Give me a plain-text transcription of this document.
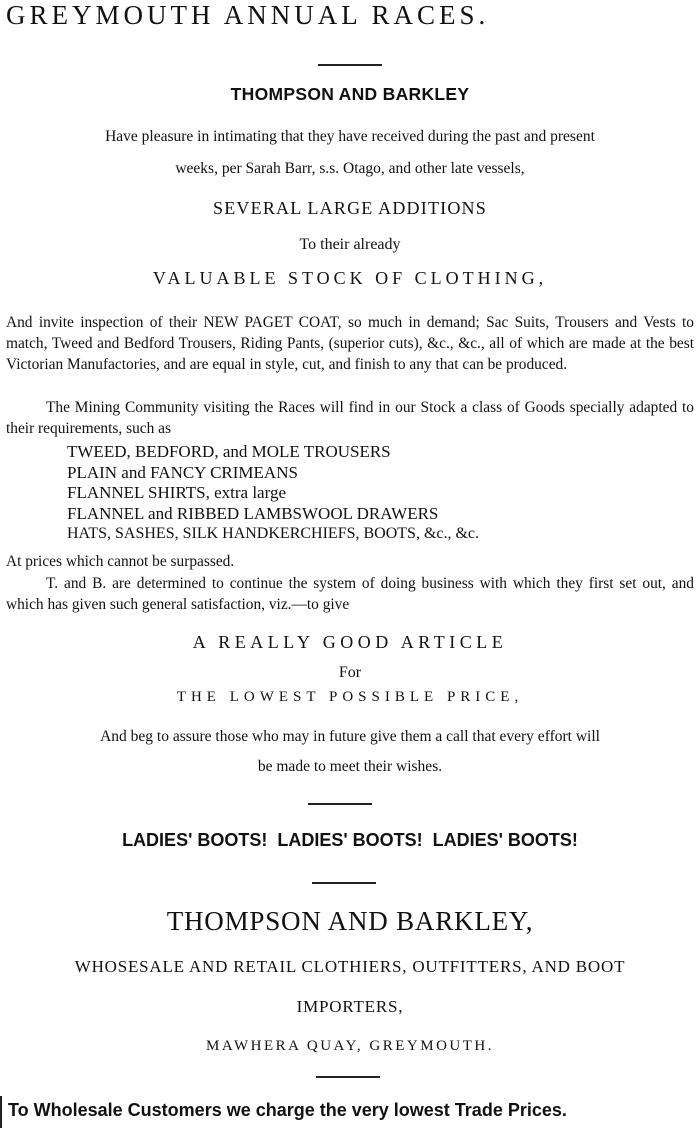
GREYMOUTH ANNUAL RACES.
THOMPSON AND BARKLEY
Have pleasure in intimating that they have received during the past and present
weeks, per Sarah Barr, s.s. Otago, and other late vessels,
SEVERAL LARGE ADDITIONS
To their already
VALUABLE STOCK OF CLOTHING,
And invite inspection of their NEW PAGET COAT, so much in demand; Sac Suits, Trousers and Vests to match, Tweed and Bedford Trousers, Riding Pants, (superior cuts), &c., &c., all of which are made at the best Victorian Manufactories, and are equal in style, cut, and finish to any that can be produced.
The Mining Community visiting the Races will find in our Stock a class of Goods specially adapted to their requirements, such as
TWEED, BEDFORD, and MOLE TROUSERS
PLAIN and FANCY CRIMEANS
FLANNEL SHIRTS, extra large
FLANNEL and RIBBED LAMBSWOOL DRAWERS
HATS, SASHES, SILK HANDKERCHIEFS, BOOTS, &c., &c.
At prices which cannot be surpassed.
T. and B. are determined to continue the system of doing business with which they first set out, and which has given such general satisfaction, viz.—to give
A REALLY GOOD ARTICLE
For
THE LOWEST POSSIBLE PRICE,
And beg to assure those who may in future give them a call that every effort will
be made to meet their wishes.
LADIES' BOOTS!  LADIES' BOOTS!  LADIES' BOOTS!
THOMPSON AND BARKLEY,
WHOSESALE AND RETAIL CLOTHIERS, OUTFITTERS, AND BOOT
IMPORTERS,
MAWHERA QUAY, GREYMOUTH.
To Wholesale Customers we charge the very lowest Trade Prices.
